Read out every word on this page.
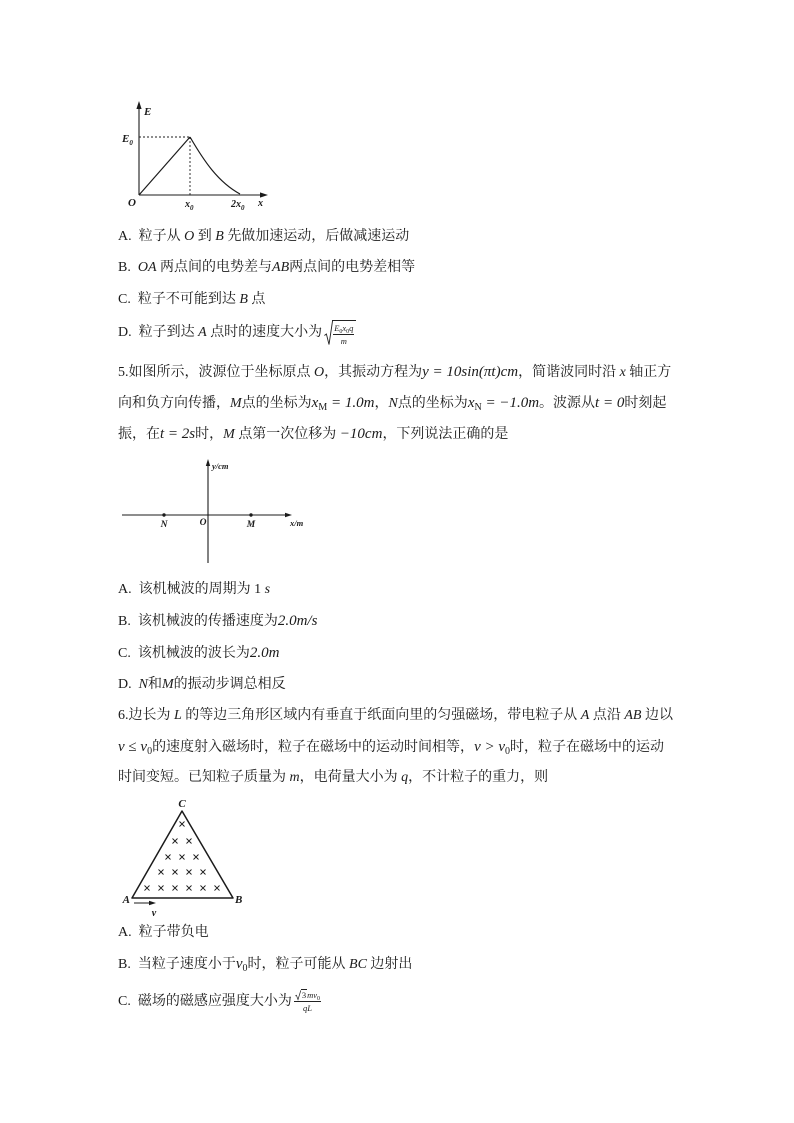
E
$E_0$
O	$x_0$	$2x_0$ x
A. 粒子从 O 到 B 先做加速运动，后做减速运动
B. OA 两点间的电势差与AB两点间的电势差相等
C. 粒子不可能到达 B 点
D. 粒子到达 A 点时的速度大小为 $\frac{E_0x_0q}{m}$
5.如图所示，波源位于坐标原点 O，其振动方程为y = 10sin(πt)cm，简谐波同时沿 x 轴正方
向和负方向传播，M点的坐标为$x_M = 1.0m$，N点的坐标为$x_N = -1.0m$。波源从t = 0时刻起
振，在t = 2s时，M 点第一次位移为 −10cm，下列说法正确的是
y/cm
N	O	M	x/m
A. 该机械波的周期为 1 s
B. 该机械波的传播速度为2.0m/s
C. 该机械波的波长为2.0m
D. N和M的振动步调总相反
6.边长为 L 的等边三角形区域内有垂直于纸面向里的匀强磁场，带电粒子从 A 点沿 AB 边以
$v \le v_0$的速度射入磁场时，粒子在磁场中的运动时间相等，$v > v_0$时，粒子在磁场中的运动
时间变短。已知粒子质量为 m，电荷量大小为 q，不计粒子的重力，则
C
A	B
v
A. 粒子带负电
B. 当粒子速度小于$v_0$时，粒子可能从 BC 边射出
C. 磁场的磁感应强度大小为 $\frac{3mv_0}{qL}$
